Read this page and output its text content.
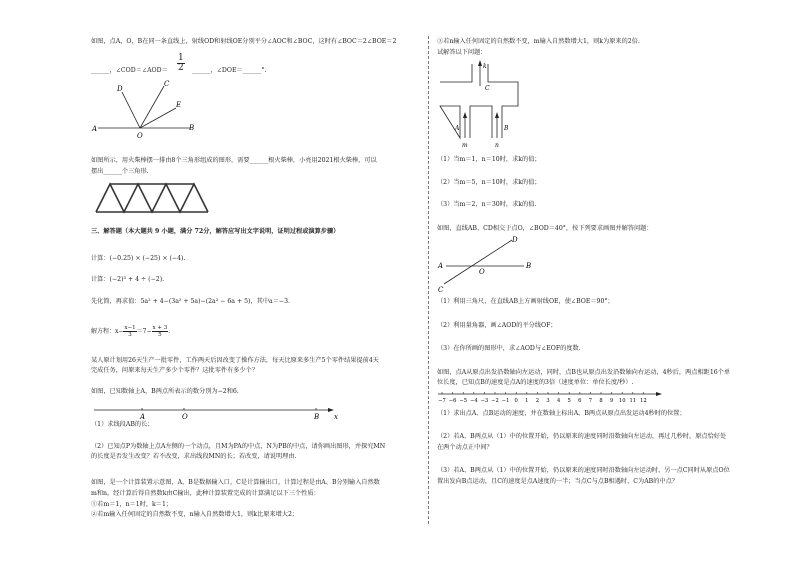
如图，点A，O，B在同一条直线上，射线OD和射线OE分别平分∠AOC和∠BOC，这时有∠BOC＝2∠BOE＝2
______，∠COD＝∠AOD＝ $\frac{1}{2}$ ______，∠DOE＝______°.
A
O
B
C
D
E
如图所示，用火柴棒摆一排由8个三角形组成的图形，需要______根火柴棒，小亮用2021根火柴棒，可以
摆出______个三角形.
三、解答题（本大题共 9 小题，满分 72分，解答应写出文字说明，证明过程或演算步骤）
计算：(−0.25) × (−25) × (−4).
计算：(−2)³ + 4 ÷ (−2).
先化简，再求值：5a² + 4−(3a² + 5a)−(2a² − 6a + 5)，其中a＝−3.
解方程：$x- \frac{x-1}{3} =7- \frac{x + 3}{5}$ .
某人原计划用26天生产一批零件，工作两天后因改变了操作方法，每天比原来多生产5个零件结果提前4天
完成任务，问原来每天生产多少个零件？这批零件有多少个？
如图，已知数轴上A、B两点所表示的数分别为−2和6.
A	O	B x
（1）求线段AB的长；
（2）已知点P为数轴上点A左侧的一个动点，且M为PA的中点，N为PB的中点，请你画出图形，并探究MN
的长度是否发生改变？若不改变，求出线段MN的长；若改变，请说明理由.
如图，是一个计算装置示意图，A、B是数据输入口，C是计算输出口，计算过程是由A、B分别输入自然数
m和n，经计算后得自然数k由C输出，此种计算装置完成的计算满足以下三个性质：
①若m＝1，n＝1时，k＝1；
②若m输入任何固定的自然数不变，n输入自然数增大1，则k比原来增大2；
③若n输入任何固定的自然数不变，m输入自然数增大1，则k为原来的2倍.
试解答以下问题：
k
C
A	B
m	n
（1）当m＝1，n＝10时，求k的值；
（2）当m＝5，n＝10时，求k的值；
（3）当m＝2，n＝30时，求k的值.
如图，直线AB、CD相交于点O，∠BOD＝40°，按下列要求画图并解答问题：
A	B
C
D
O
（1）利用三角尺，在直线AB上方画射线OE，使∠BOE＝90°；
（2）利用量角器，画∠AOD的平分线OF；
（3）在你所画的图形中，求∠AOD与∠EOF的度数.
如图，点A从原点出发沿数轴向左运动，同时，点B也从原点出发沿数轴向右运动，4秒后，两点相距16个单
位长度，已知点B的速度是点A的速度的3倍（速度单位：单位长度/秒）.
−7 −6 −5 −4 −3 −2 −1 0 1 2 3 4 5 6 7 8 9 10 11 12
（1）求出点A、点B运动的速度，并在数轴上标出A、B两点从原点出发运动4秒时的位置；
（2）若A、B两点从（1）中的位置开始，仍以原来的速度同时沿数轴向左运动，再过几秒时，原点恰好处
在两个动点正中间？
（3）若A、B两点从（1）中的位置开始，仍以原来的速度同时沿数轴向左运动时，另一点C同时从原点O位
置出发向B点运动，且C的速度是点A速度的一半；当点C与点B相遇时，C为AB的中点？
